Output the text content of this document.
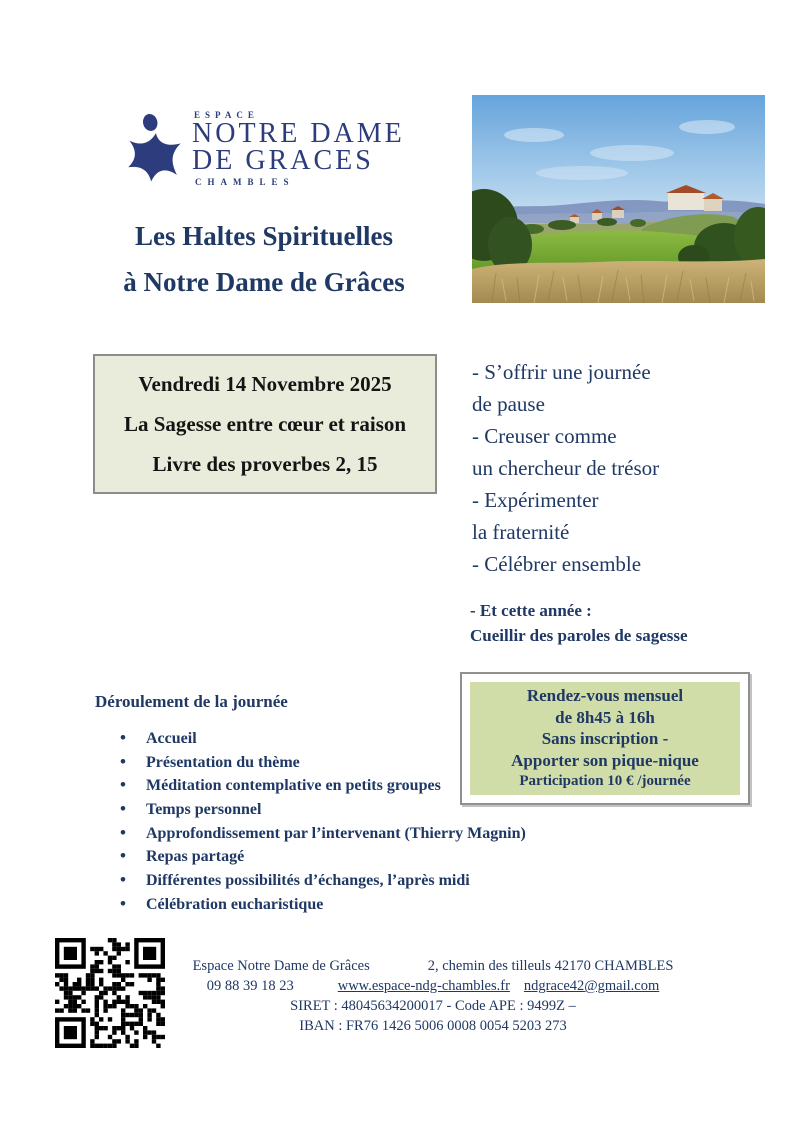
ESPACE
NOTRE DAME
DE GRACES
CHAMBLES
Les Haltes Spirituelles
à Notre Dame de Grâces
Vendredi 14 Novembre 2025
La Sagesse entre cœur et raison
Livre des proverbes 2, 15
- S’offrir une journée
de pause
- Creuser comme
un chercheur de trésor
- Expérimenter
la fraternité
- Célébrer ensemble
- Et cette année :
Cueillir des paroles de sagesse
Déroulement de la journée
• Accueil
• Présentation du thème
• Méditation contemplative en petits groupes
• Temps personnel
• Approfondissement par l’intervenant (Thierry Magnin)
• Repas partagé
• Différentes possibilités d’échanges, l’après midi
• Célébration eucharistique
Rendez-vous mensuel
de 8h45 à 16h
Sans inscription -
Apporter son pique-nique
Participation 10 € /journée
Espace Notre Dame de Grâces	2, chemin des tilleuls 42170 CHAMBLES
09 88 39 18 23	www.espace-ndg-chambles.fr ndgrace42@gmail.com
SIRET : 48045634200017 - Code APE : 9499Z –
IBAN : FR76 1426 5006 0008 0054 5203 273
